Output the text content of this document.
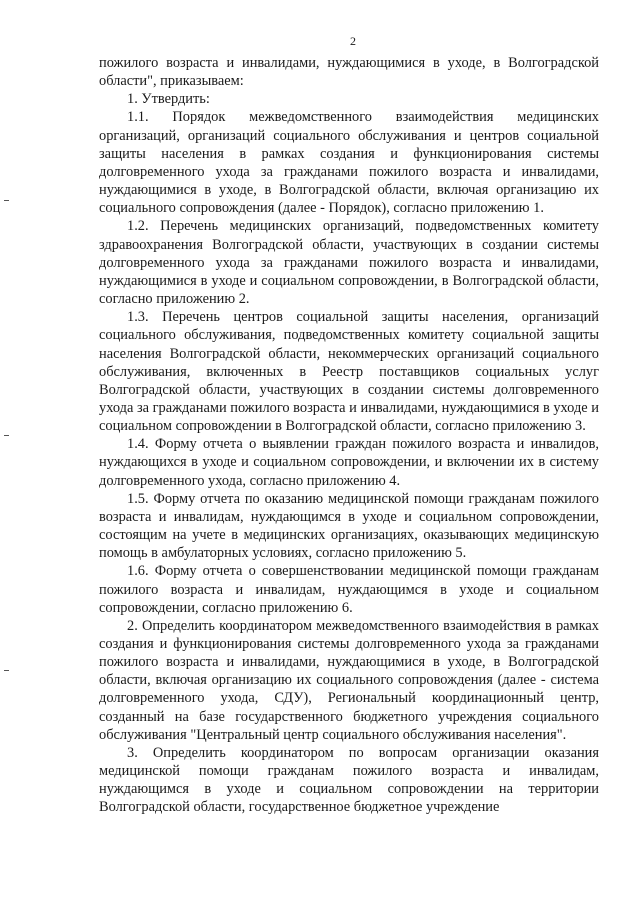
2

пожилого возраста и инвалидами, нуждающимися в уходе, в Волгоградской области", приказываем:

1. Утвердить:

1.1. Порядок межведомственного взаимодействия медицинских организаций, организаций социального обслуживания и центров социальной защиты населения в рамках создания и функционирования системы долговременного ухода за гражданами пожилого возраста и инвалидами, нуждающимися в уходе, в Волгоградской области, включая организацию их социального сопровождения (далее - Порядок), согласно приложению 1.

1.2. Перечень медицинских организаций, подведомственных комитету здравоохранения Волгоградской области, участвующих в создании системы долговременного ухода за гражданами пожилого возраста и инвалидами, нуждающимися в уходе и социальном сопровождении, в Волгоградской области, согласно приложению 2.

1.3. Перечень центров социальной защиты населения, организаций социального обслуживания, подведомственных комитету социальной защиты населения Волгоградской области, некоммерческих организаций социального обслуживания, включенных в Реестр поставщиков социальных услуг Волгоградской области, участвующих в создании системы долговременного ухода за гражданами пожилого возраста и инвалидами, нуждающимися в уходе и социальном сопровождении в Волгоградской области, согласно приложению 3.

1.4. Форму отчета о выявлении граждан пожилого возраста и инвалидов, нуждающихся в уходе и социальном сопровождении, и включении их в систему долговременного ухода, согласно приложению 4.

1.5. Форму отчета по оказанию медицинской помощи гражданам пожилого возраста и инвалидам, нуждающимся в уходе и социальном сопровождении, состоящим на учете в медицинских организациях, оказывающих медицинскую помощь в амбулаторных условиях, согласно приложению 5.

1.6. Форму отчета о совершенствовании медицинской помощи гражданам пожилого возраста и инвалидам, нуждающимся в уходе и социальном сопровождении, согласно приложению 6.

2. Определить координатором межведомственного взаимодействия в рамках создания и функционирования системы долговременного ухода за гражданами пожилого возраста и инвалидами, нуждающимися в уходе, в Волгоградской области, включая организацию их социального сопровождения (далее - система долговременного ухода, СДУ), Региональный координационный центр, созданный на базе государственного бюджетного учреждения социального обслуживания "Центральный центр социального обслуживания населения".

3. Определить координатором по вопросам организации оказания медицинской помощи гражданам пожилого возраста и инвалидам, нуждающимся в уходе и социальном сопровождении на территории Волгоградской области, государственное бюджетное учреждение
